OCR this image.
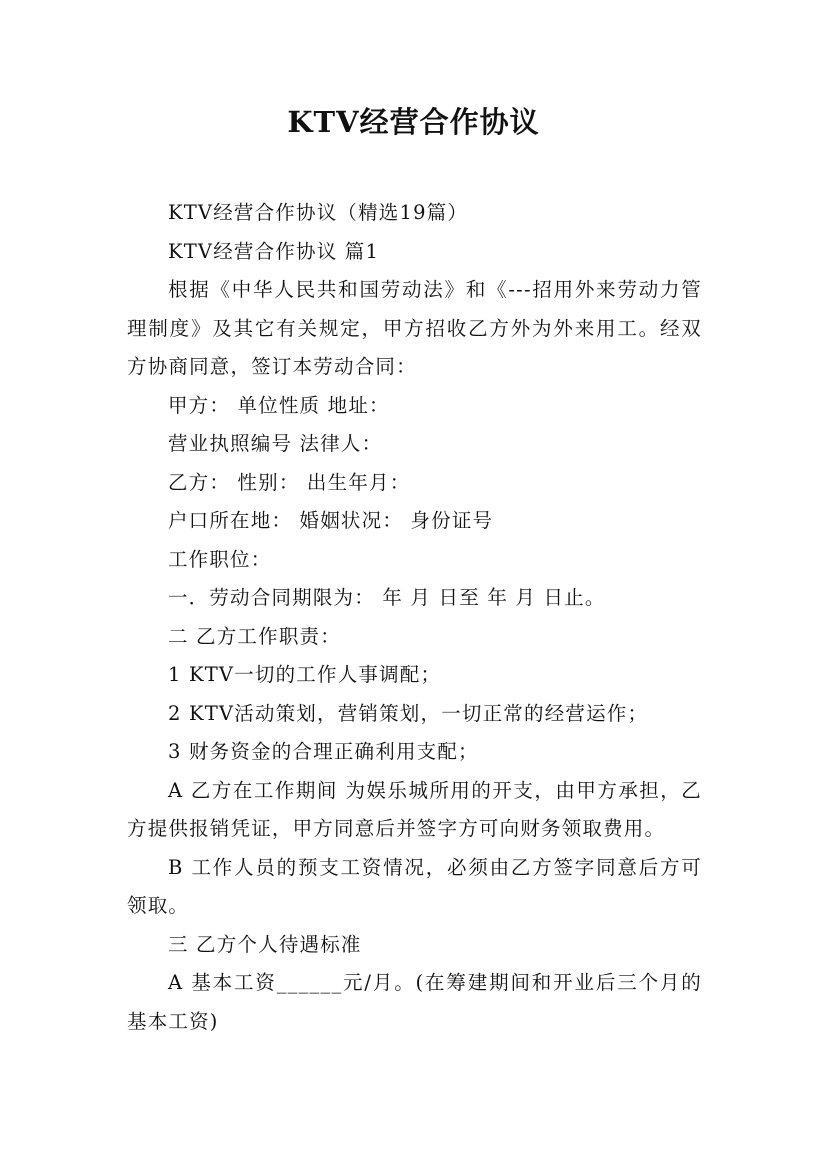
KTV经营合作协议

KTV经营合作协议（精选19篇）

KTV经营合作协议 篇1

根据《中华人民共和国劳动法》和《---招用外来劳动力管理制度》及其它有关规定，甲方招收乙方外为外来用工。经双方协商同意，签订本劳动合同：

甲方： 单位性质 地址：

营业执照编号 法律人：

乙方： 性别： 出生年月：

户口所在地： 婚姻状况： 身份证号

工作职位：

一．劳动合同期限为： 年 月 日至 年 月 日止。

二 乙方工作职责：

1 KTV一切的工作人事调配；

2 KTV活动策划，营销策划，一切正常的经营运作；

3 财务资金的合理正确利用支配；

A 乙方在工作期间 为娱乐城所用的开支，由甲方承担，乙方提供报销凭证，甲方同意后并签字方可向财务领取费用。

B 工作人员的预支工资情况，必须由乙方签字同意后方可领取。

三 乙方个人待遇标准

A 基本工资______元/月。(在筹建期间和开业后三个月的基本工资)
